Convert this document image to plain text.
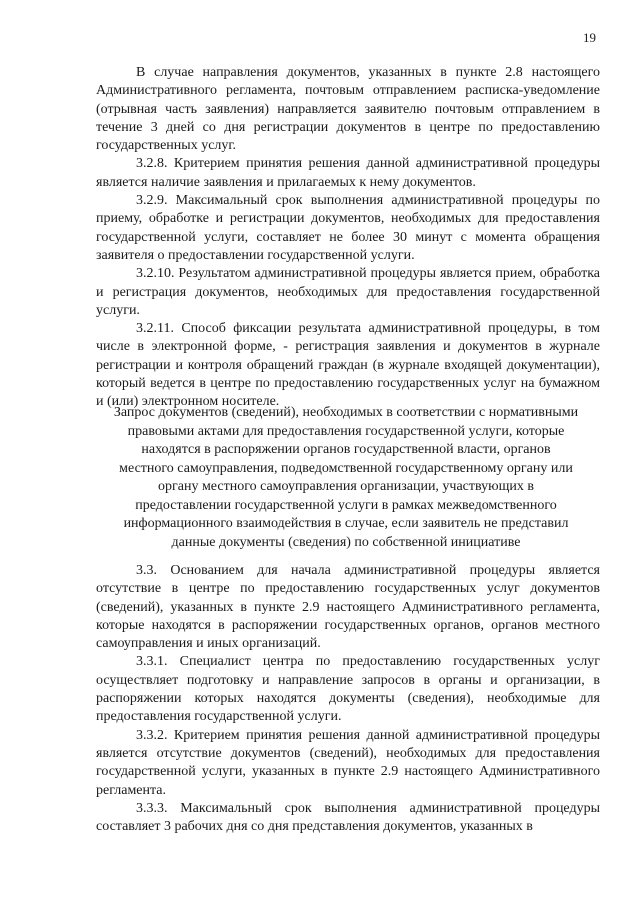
19

В случае направления документов, указанных в пункте 2.8 настоящего Административного регламента, почтовым отправлением расписка-уведомление (отрывная часть заявления) направляется заявителю почтовым отправлением в течение 3 дней со дня регистрации документов в центре по предоставлению государственных услуг.

3.2.8. Критерием принятия решения данной административной процедуры является наличие заявления и прилагаемых к нему документов.

3.2.9. Максимальный срок выполнения административной процедуры по приему, обработке и регистрации документов, необходимых для предоставления государственной услуги, составляет не более 30 минут с момента обращения заявителя о предоставлении государственной услуги.

3.2.10. Результатом административной процедуры является прием, обработка и регистрация документов, необходимых для предоставления государственной услуги.

3.2.11. Способ фиксации результата административной процедуры, в том числе в электронной форме, - регистрация заявления и документов в журнале регистрации и контроля обращений граждан (в журнале входящей документации), который ведется в центре по предоставлению государственных услуг на бумажном и (или) электронном носителе.

Запрос документов (сведений), необходимых в соответствии с нормативными
правовыми актами для предоставления государственной услуги, которые
находятся в распоряжении органов государственной власти, органов
местного самоуправления, подведомственной государственному органу или
органу местного самоуправления организации, участвующих в
предоставлении государственной услуги в рамках межведомственного
информационного взаимодействия в случае, если заявитель не представил
данные документы (сведения) по собственной инициативе

3.3. Основанием для начала административной процедуры является отсутствие в центре по предоставлению государственных услуг документов (сведений), указанных в пункте 2.9 настоящего Административного регламента, которые находятся в распоряжении государственных органов, органов местного самоуправления и иных организаций.

3.3.1. Специалист центра по предоставлению государственных услуг осуществляет подготовку и направление запросов в органы и организации, в распоряжении которых находятся документы (сведения), необходимые для предоставления государственной услуги.

3.3.2. Критерием принятия решения данной административной процедуры является отсутствие документов (сведений), необходимых для предоставления государственной услуги, указанных в пункте 2.9 настоящего Административного регламента.

3.3.3. Максимальный срок выполнения административной процедуры составляет 3 рабочих дня со дня представления документов, указанных в
